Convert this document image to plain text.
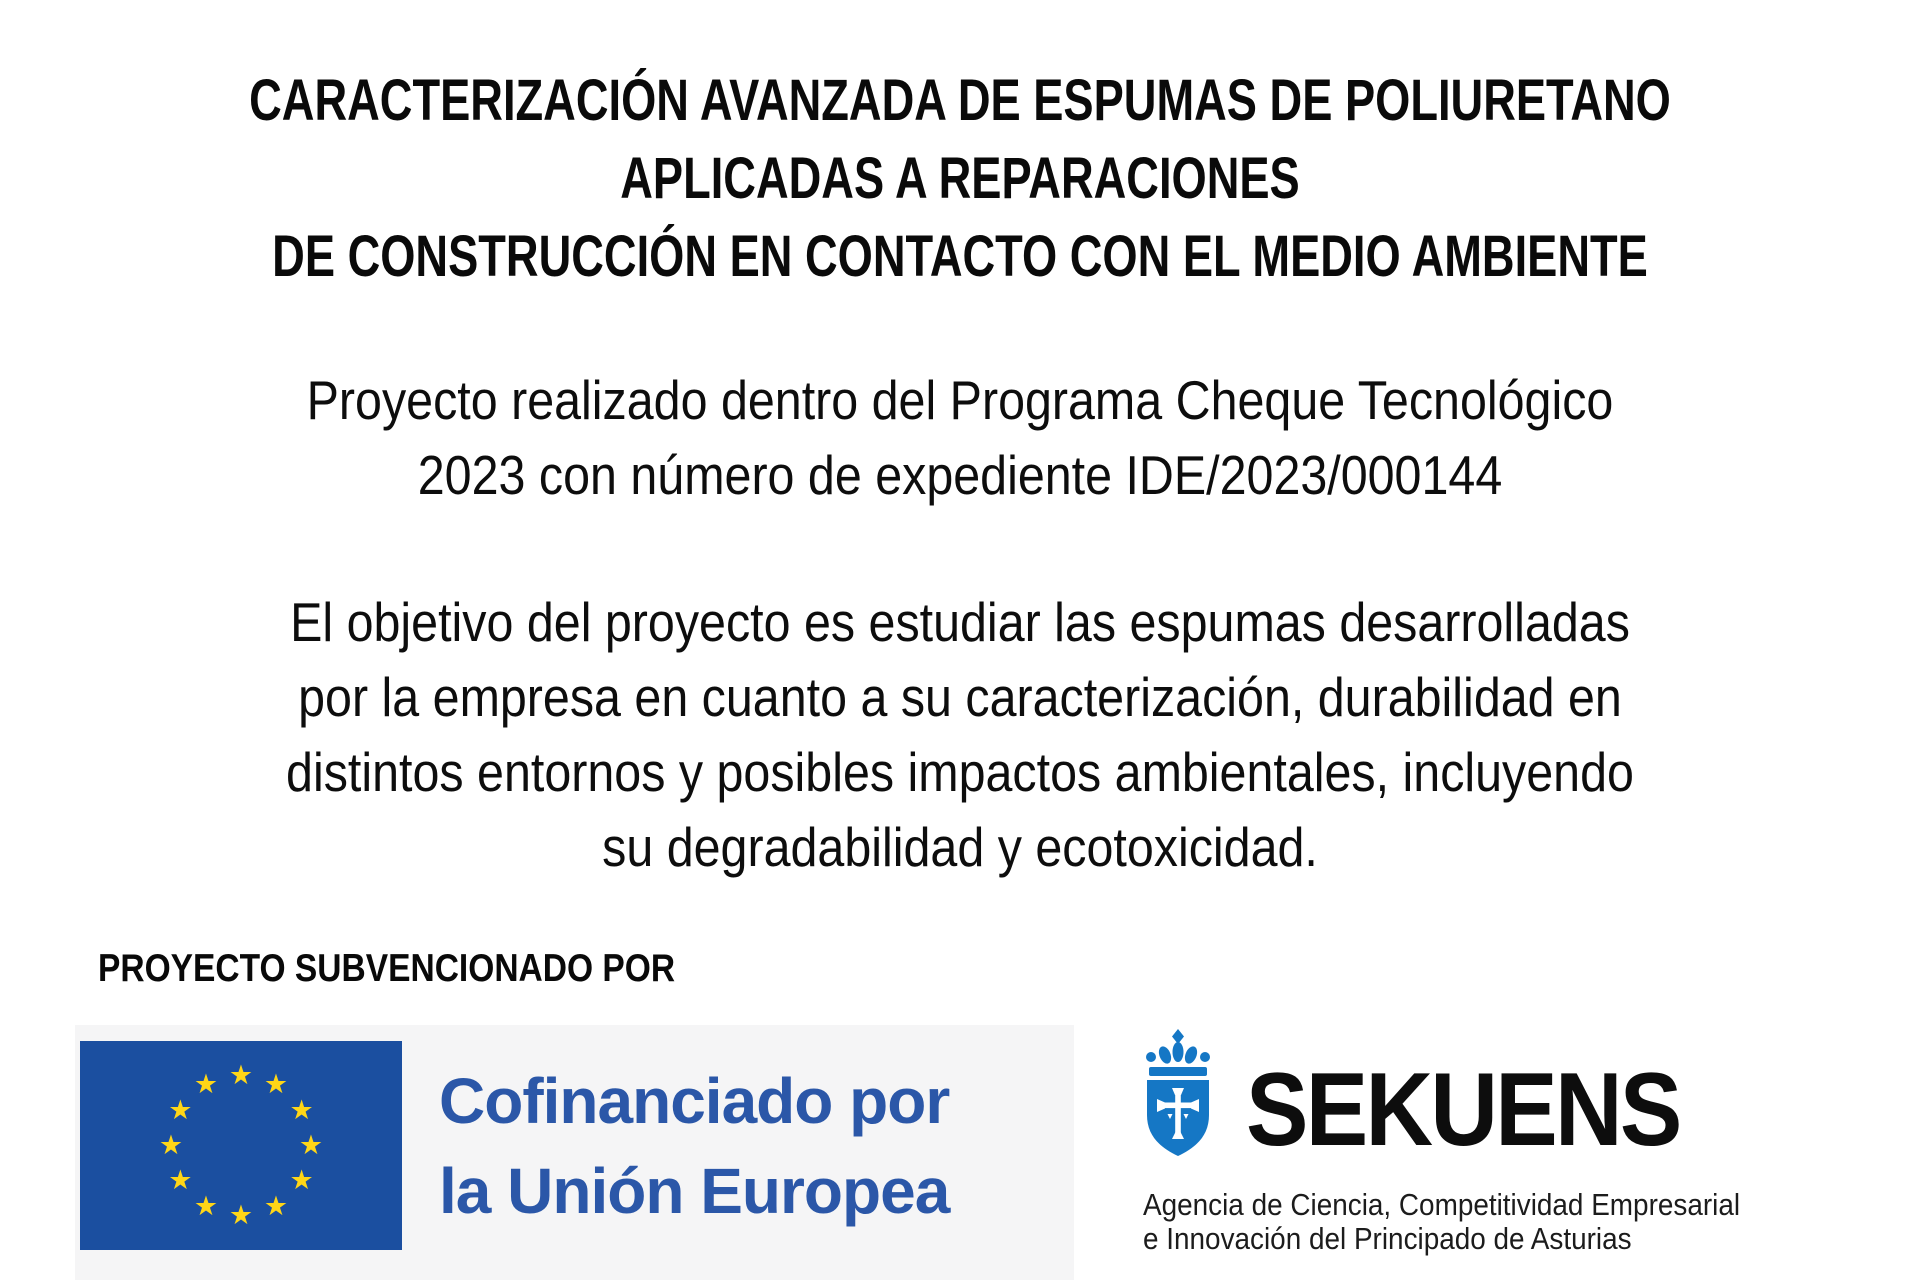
CARACTERIZACIÓN AVANZADA DE ESPUMAS DE POLIURETANO
APLICADAS A REPARACIONES
DE CONSTRUCCIÓN EN CONTACTO CON EL MEDIO AMBIENTE
Proyecto realizado dentro del Programa Cheque Tecnológico
2023 con número de expediente IDE/2023/000144
El objetivo del proyecto es estudiar las espumas desarrolladas
por la empresa en cuanto a su caracterización, durabilidad en
distintos entornos y posibles impactos ambientales, incluyendo
su degradabilidad y ecotoxicidad.
PROYECTO SUBVENCIONADO POR
★ ★
★
★
★
★
★
★
★
★
★
★	Cofinanciado por
la Unión Europea
SEKUENS
Agencia de Ciencia, Competitividad Empresarial
e Innovación del Principado de Asturias
